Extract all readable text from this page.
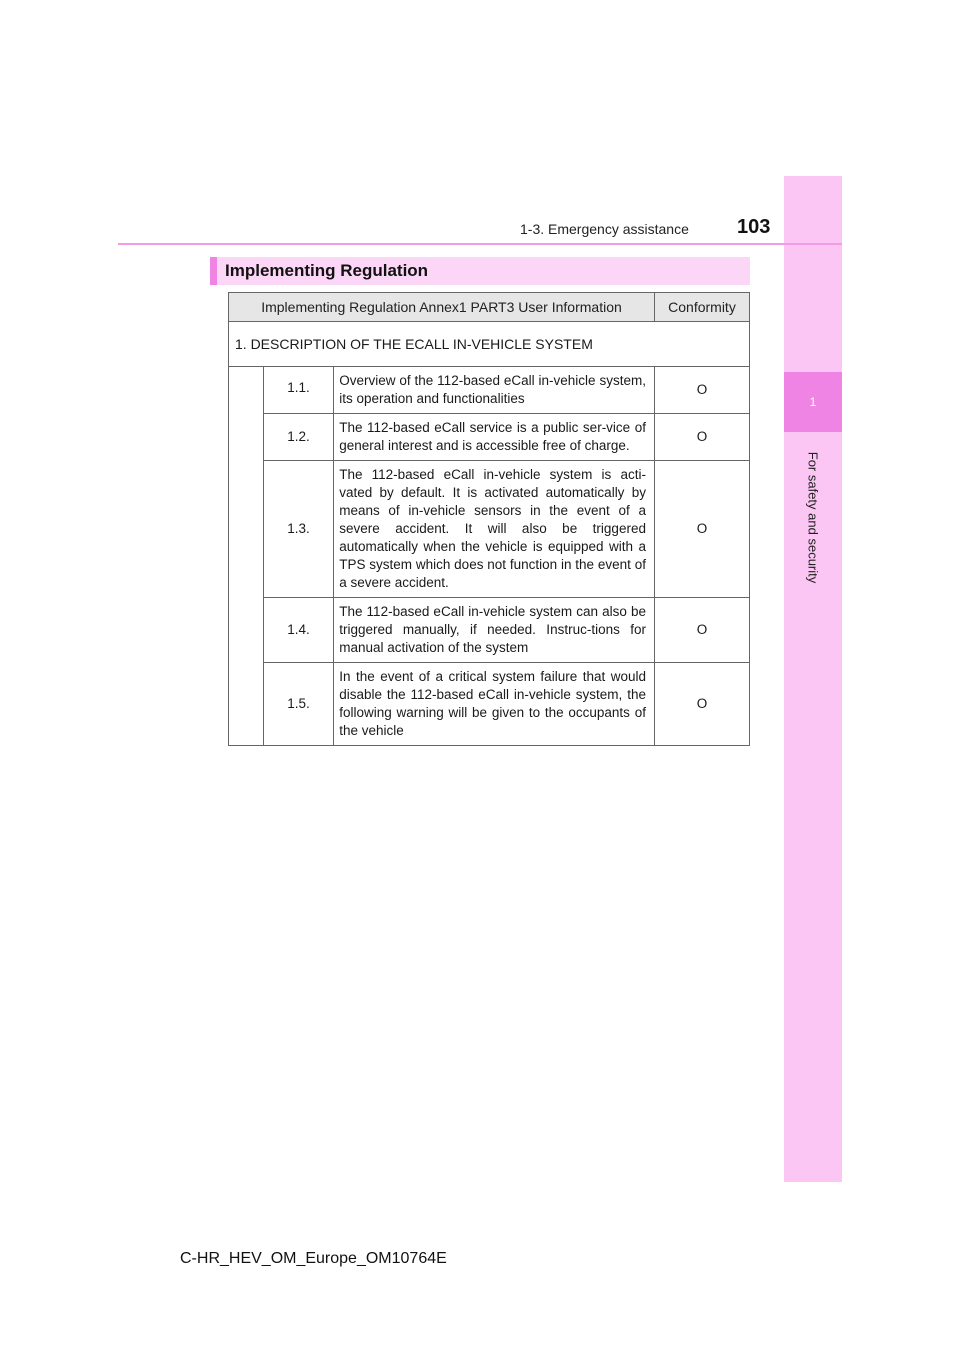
1
For safety and security
1-3. Emergency assistance 103
Implementing Regulation
Implementing Regulation Annex1 PART3 User Information			Conformity
1. DESCRIPTION OF THE ECALL IN-VEHICLE SYSTEM			
	1.1.	Overview of the 112-based eCall in-vehicle system, its operation and functionalities	O
	1.2.	The 112-based eCall service is a public ser-vice of general interest and is accessible free of charge.	O
	1.3.	The 112-based eCall in-vehicle system is acti-vated by default. It is activated automatically by means of in-vehicle sensors in the event of a severe accident. It will also be triggered automatically when the vehicle is equipped with a TPS system which does not function in the event of a severe accident.	O
	1.4.	The 112-based eCall in-vehicle system can also be triggered manually, if needed. Instruc-tions for manual activation of the system	O
	1.5.	In the event of a critical system failure that would disable the 112-based eCall in-vehicle system, the following warning will be given to the occupants of the vehicle	O
C-HR_HEV_OM_Europe_OM10764E
